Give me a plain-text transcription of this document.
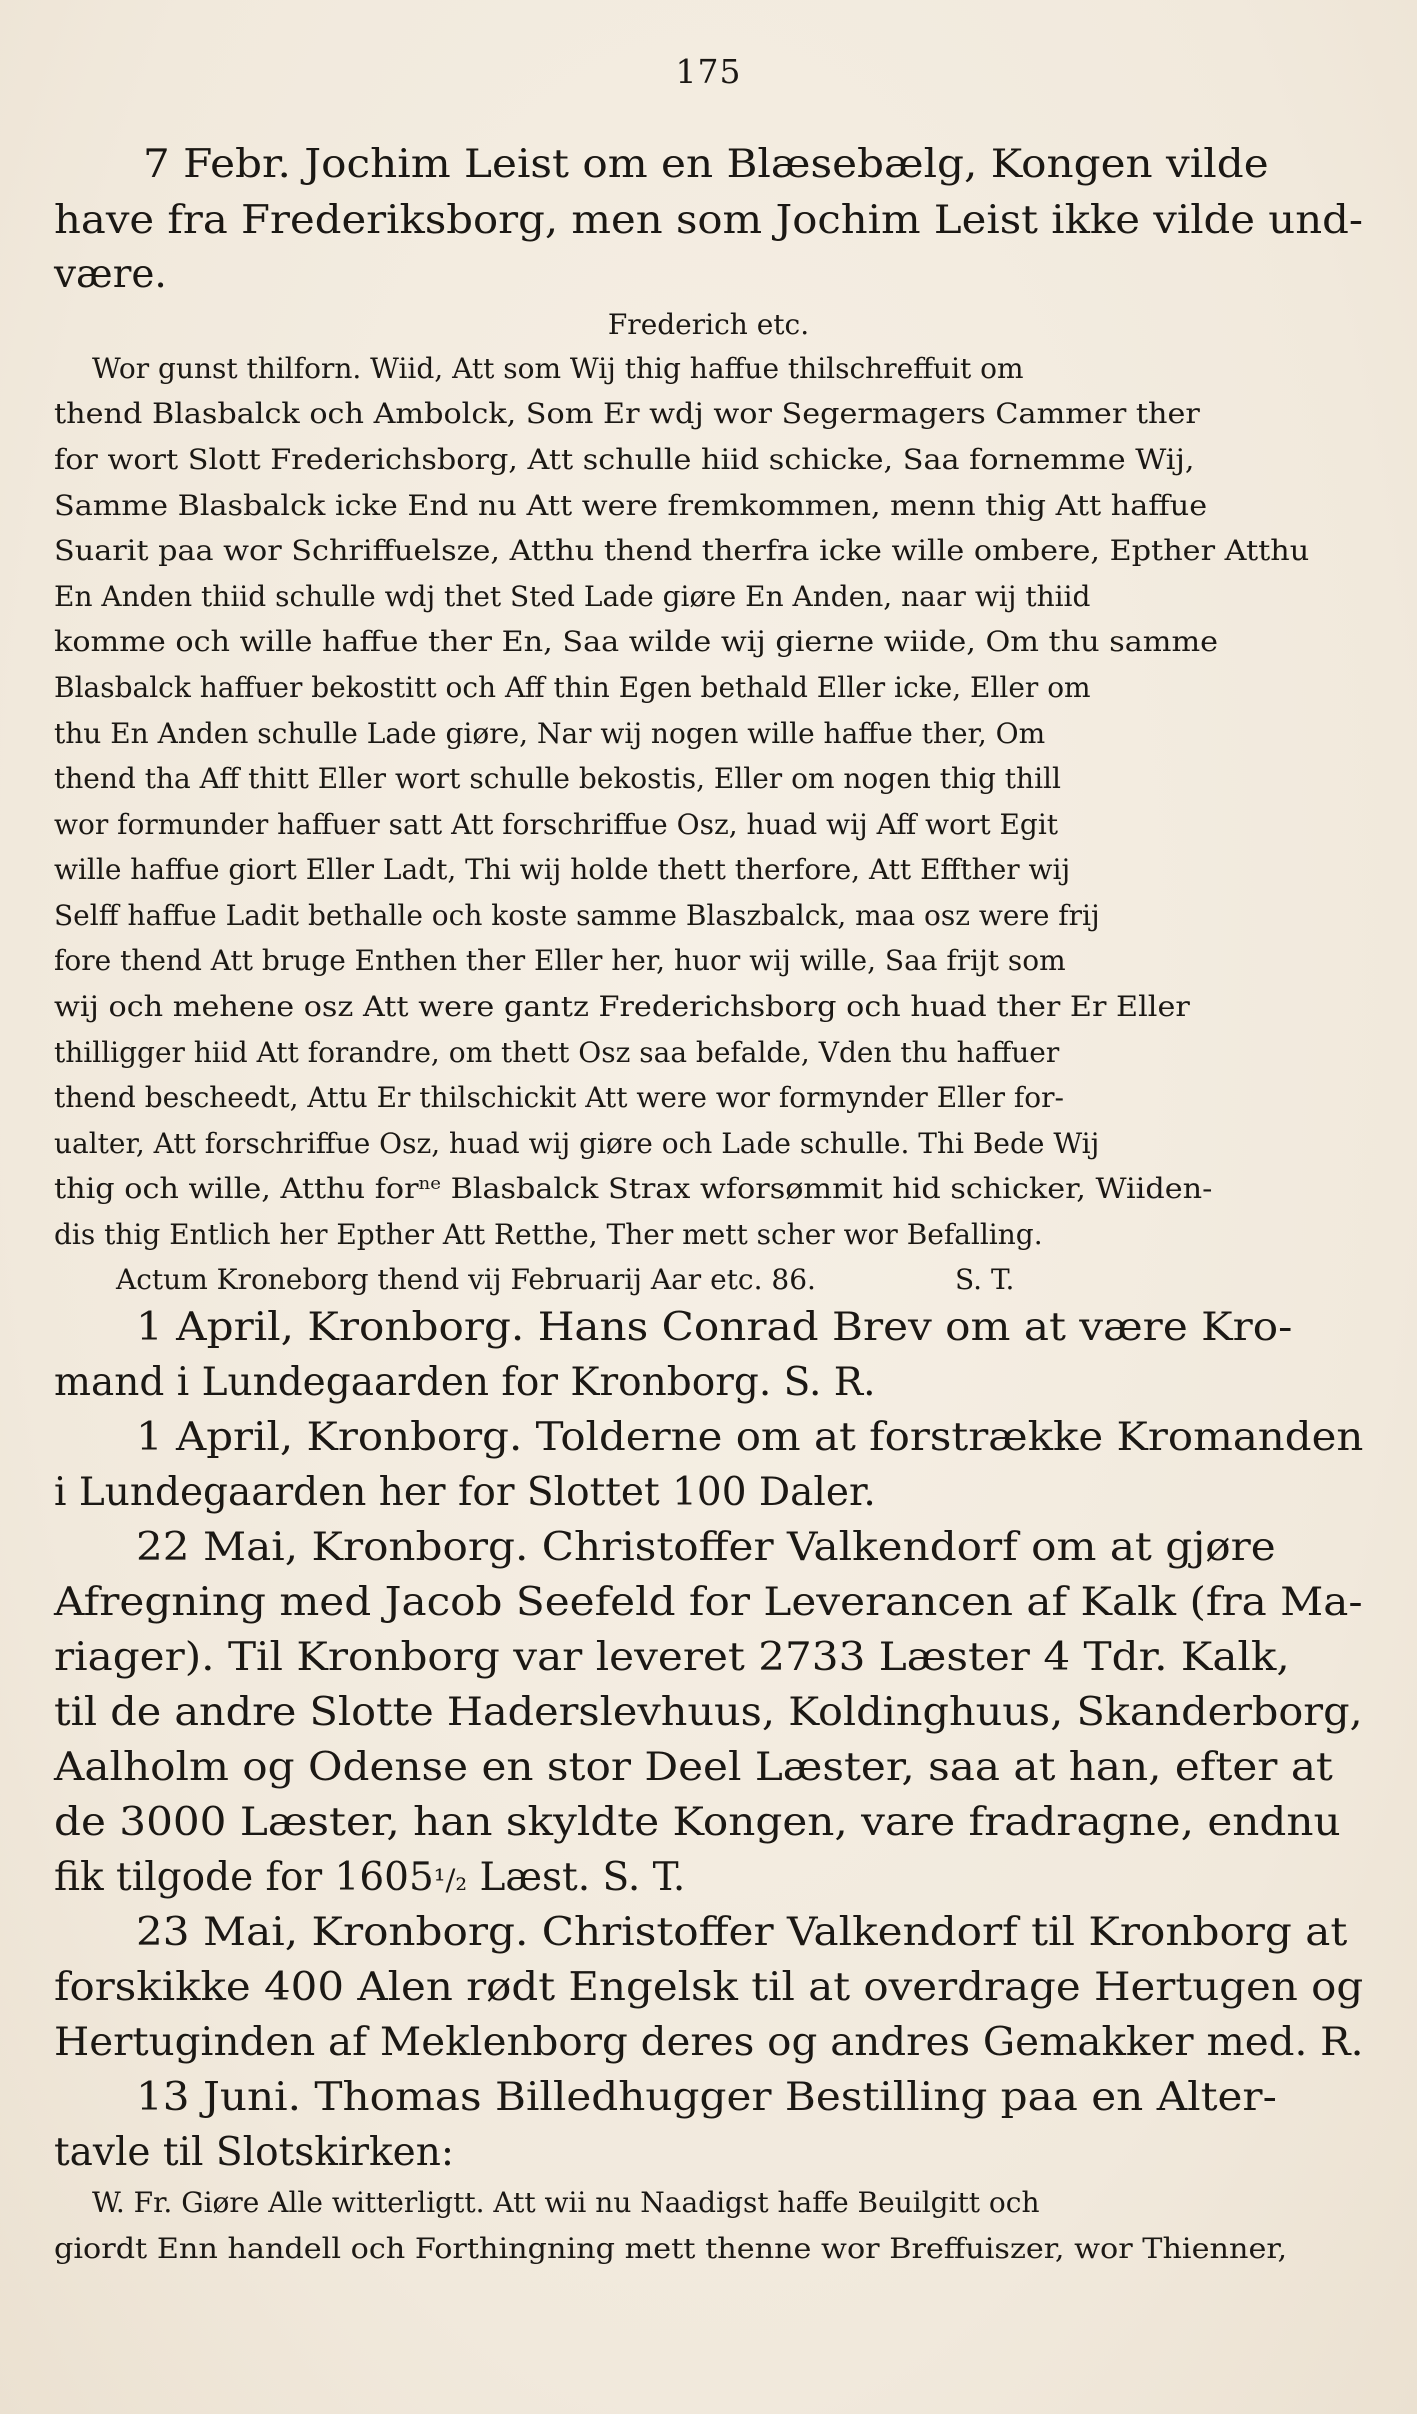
175
7 Febr. Jochim Leist om en Blæsebælg, Kongen vilde
have fra Frederiksborg, men som Jochim Leist ikke vilde und-
være.
Frederich etc.
Wor gunst thilforn. Wiid, Att som Wij thig haffue thilschreffuit om
thend Blasbalck och Ambolck, Som Er wdj wor Segermagers Cammer ther
for wort Slott Frederichsborg, Att schulle hiid schicke, Saa fornemme Wij,
Samme Blasbalck icke End nu Att were fremkommen, menn thig Att haffue
Suarit paa wor Schriffuelsze, Atthu thend therfra icke wille ombere, Epther Atthu
En Anden thiid schulle wdj thet Sted Lade giøre En Anden, naar wij thiid
komme och wille haffue ther En, Saa wilde wij gierne wiide, Om thu samme
Blasbalck haffuer bekostitt och Aff thin Egen bethald Eller icke, Eller om
thu En Anden schulle Lade giøre, Nar wij nogen wille haffue ther, Om
thend tha Aff thitt Eller wort schulle bekostis, Eller om nogen thig thill
wor formunder haffuer satt Att forschriffue Osz, huad wij Aff wort Egit
wille haffue giort Eller Ladt, Thi wij holde thett therfore, Att Effther wij
Selff haffue Ladit bethalle och koste samme Blaszbalck, maa osz were frij
fore thend Att bruge Enthen ther Eller her, huor wij wille, Saa frijt som
wij och mehene osz Att were gantz Frederichsborg och huad ther Er Eller
thilligger hiid Att forandre, om thett Osz saa befalde, Vden thu haffuer
thend bescheedt, Attu Er thilschickit Att were wor formynder Eller for-
ualter, Att forschriffue Osz, huad wij giøre och Lade schulle. Thi Bede Wij
thig och wille, Atthu for$^{ne}$ Blasbalck Strax wforsømmit hid schicker, Wiiden-
dis thig Entlich her Epther Att Retthe, Ther mett scher wor Befalling.
Actum Kroneborg thend vij Februarij Aar etc. 86.	S. T.
1 April, Kronborg. Hans Conrad Brev om at være Kro-
mand i Lundegaarden for Kronborg. S. R.
1 April, Kronborg. Tolderne om at forstrække Kromanden
i Lundegaarden her for Slottet 100 Daler.
22 Mai, Kronborg. Christoffer Valkendorf om at gjøre
Afregning med Jacob Seefeld for Leverancen af Kalk (fra Ma-
riager). Til Kronborg var leveret 2733 Læster 4 Tdr. Kalk,
til de andre Slotte Haderslevhuus, Koldinghuus, Skanderborg,
Aalholm og Odense en stor Deel Læster, saa at han, efter at
de 3000 Læster, han skyldte Kongen, vare fradragne, endnu
fik tilgode for 1605¹/₂ Læst. S. T.
23 Mai, Kronborg. Christoffer Valkendorf til Kronborg at
forskikke 400 Alen rødt Engelsk til at overdrage Hertugen og
Hertuginden af Meklenborg deres og andres Gemakker med. R.
13 Juni. Thomas Billedhugger Bestilling paa en Alter-
tavle til Slotskirken:
W. Fr. Giøre Alle witterligtt. Att wii nu Naadigst haffe Beuilgitt och
giordt Enn handell och Forthingning mett thenne wor Breffuiszer, wor Thienner,
